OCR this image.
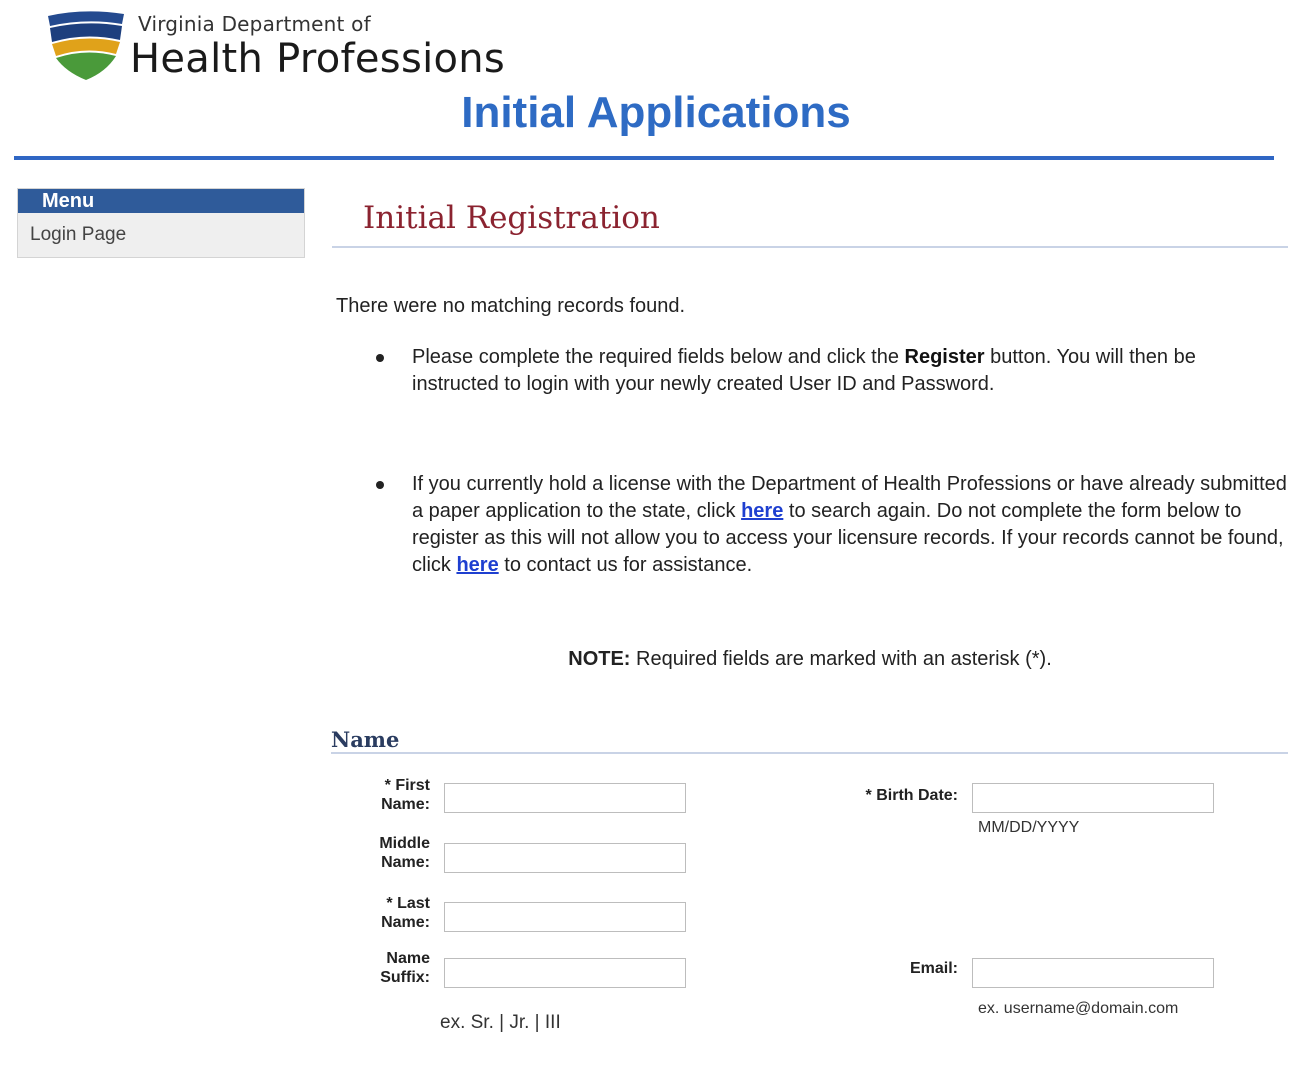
Virginia Department of
Health Professions
Initial Applications
Menu
Login Page	Initial Registration
There were no matching records found.
Please complete the required fields below and click the Register button. You will then be instructed to login with your newly created User ID and Password.
If you currently hold a license with the Department of Health Professions or have already submitted a paper application to the state, click here to search again. Do not complete the form below to register as this will not allow you to access your licensure records. If your records cannot be found, click here to contact us for assistance.
NOTE: Required fields are marked with an asterisk (*).
Name
* First
Name:
Middle
Name:
* Last
Name:
Name
Suffix:
ex. Sr. | Jr. | III
* Birth Date:
MM/DD/YYYY
Email:
ex. username@domain.com
